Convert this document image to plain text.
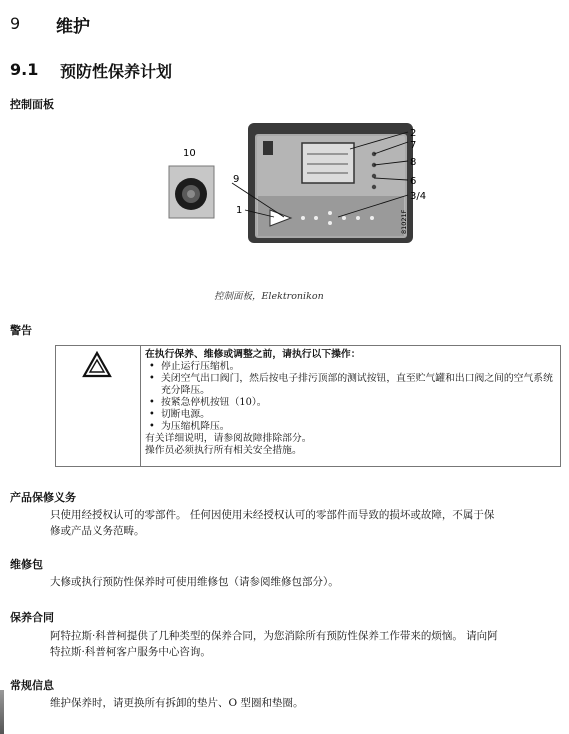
9 维护
9.1 预防性保养计划
控制面板
10
9
1
2
7
8
6
3/4
81021F
控制面板，Elektronikon
警告
在执行保养、维修或调整之前，请执行以下操作：
• 停止运行压缩机。
• 关闭空气出口阀门，然后按电子排污顶部的测试按钮，直至贮气罐和出口阀之间的空气系统充分降压。
• 按紧急停机按钮（10）。
• 切断电源。
• 为压缩机降压。
有关详细说明，请参阅故障排除部分。
操作员必须执行所有相关安全措施。
产品保修义务
只使用经授权认可的零部件。 任何因使用未经授权认可的零部件而导致的损坏或故障，不属于保
修或产品义务范畴。
维修包
大修或执行预防性保养时可使用维修包（请参阅维修包部分）。
保养合同
阿特拉斯·科普柯提供了几种类型的保养合同，为您消除所有预防性保养工作带来的烦恼。 请向阿
特拉斯·科普柯客户服务中心咨询。
常规信息
维护保养时，请更换所有拆卸的垫片、O 型圈和垫圈。
